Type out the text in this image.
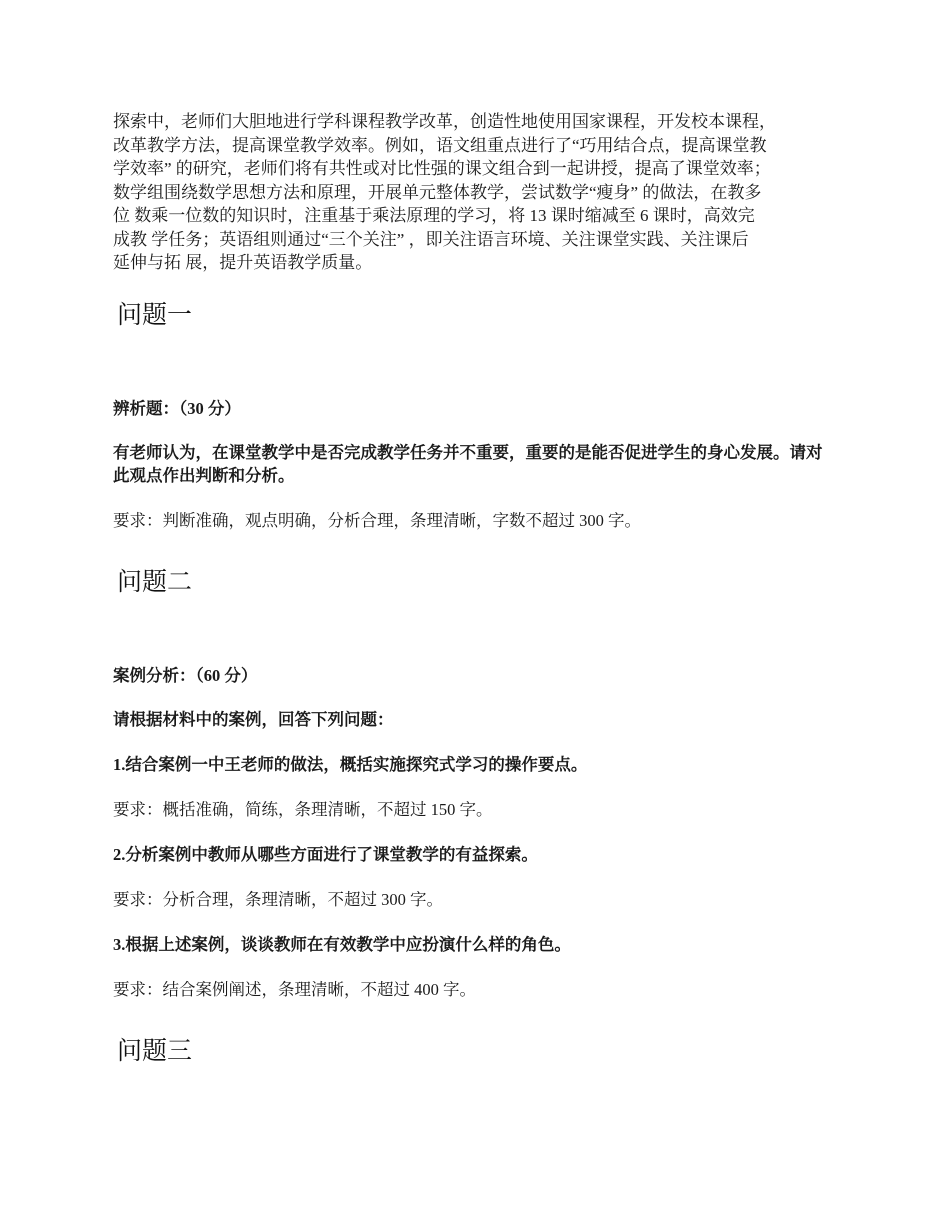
探索中，老师们大胆地进行学科课程教学改革，创造性地使用国家课程，开发校本课程，
改革教学方法，提高课堂教学效率。例如，语文组重点进行了“巧用结合点，提高课堂教
学效率” 的研究，老师们将有共性或对比性强的课文组合到一起讲授，提高了课堂效率；
数学组围绕数学思想方法和原理，开展单元整体教学，尝试数学“瘦身” 的做法，在教多
位 数乘一位数的知识时，注重基于乘法原理的学习，将 13 课时缩减至 6 课时，高效完
成教 学任务；英语组则通过“三个关注” ，即关注语言环境、关注课堂实践、关注课后
延伸与拓 展，提升英语教学质量。

问题一

辨析题：（30 分）

有老师认为，在课堂教学中是否完成教学任务并不重要，重要的是能否促进学生的身心发展。请对此观点作出判断和分析。

要求：判断准确，观点明确，分析合理，条理清晰，字数不超过 300 字。

问题二

案例分析：（60 分）

请根据材料中的案例，回答下列问题：

1.结合案例一中王老师的做法，概括实施探究式学习的操作要点。

要求：概括准确，简练，条理清晰，不超过 150 字。

2.分析案例中教师从哪些方面进行了课堂教学的有益探索。

要求：分析合理，条理清晰，不超过 300 字。

3.根据上述案例，谈谈教师在有效教学中应扮演什么样的角色。

要求：结合案例阐述，条理清晰，不超过 400 字。

问题三
